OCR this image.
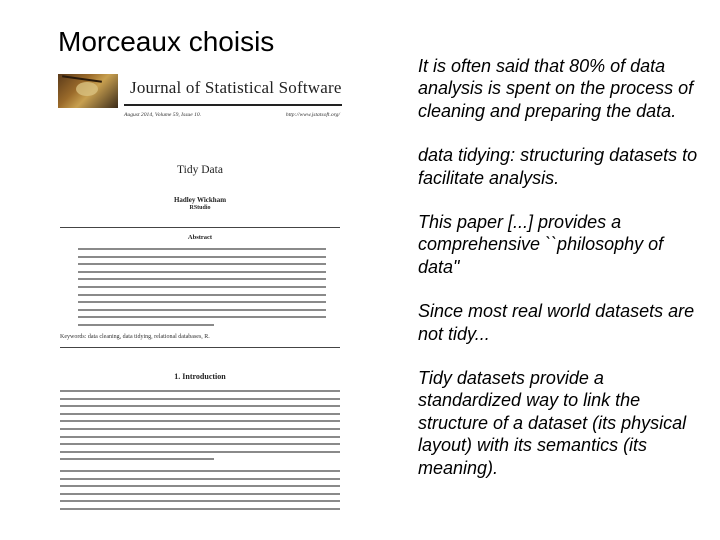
Morceaux choisis

It is often said that 80% of data analysis is spent on the process of cleaning and preparing the data.

data tidying: structuring datasets to facilitate analysis.

This paper [...] provides a comprehensive ``philosophy of data"

Since most real world datasets are not tidy...

Tidy datasets provide a standardized way to link the structure of a dataset (its physical layout) with its semantics (its meaning).

Journal of Statistical Software
August 2014, Volume 59, Issue 10.	http://www.jstatsoft.org/
Tidy Data
Hadley Wickham
RStudio
Abstract
Keywords: data cleaning, data tidying, relational databases, R.
1. Introduction
